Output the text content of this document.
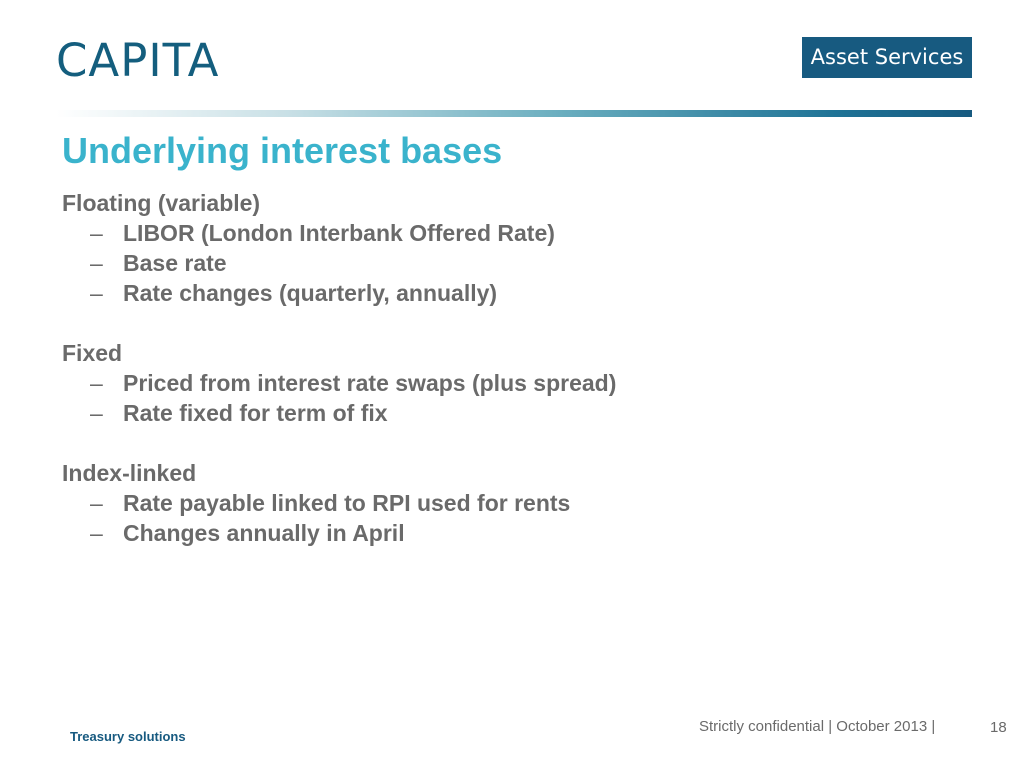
CAPITA	Asset Services
Underlying interest bases

Floating (variable)

– LIBOR (London Interbank Offered Rate)
– Base rate
– Rate changes (quarterly, annually)

Fixed

– Priced from interest rate swaps (plus spread)
– Rate fixed for term of fix

Index-linked

– Rate payable linked to RPI used for rents
– Changes annually in April
Treasury solutions
Strictly confidential | October 2013 |	18
